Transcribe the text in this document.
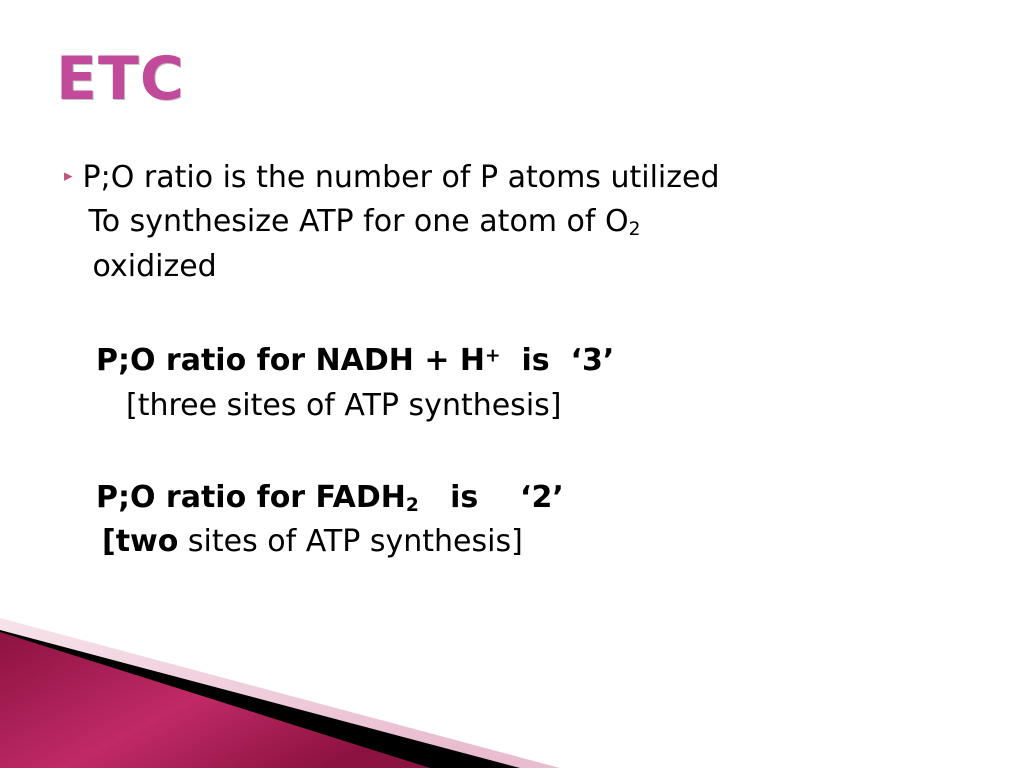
ETC
▸ P;O ratio is the number of P atoms utilized
To synthesize ATP for one atom of $O_2$
oxidized
P;O ratio for NADH + H+  is  ‘3’
[three sites of ATP synthesis]
P;O ratio for $FADH_2$   is    ‘2’
[two sites of ATP synthesis]
